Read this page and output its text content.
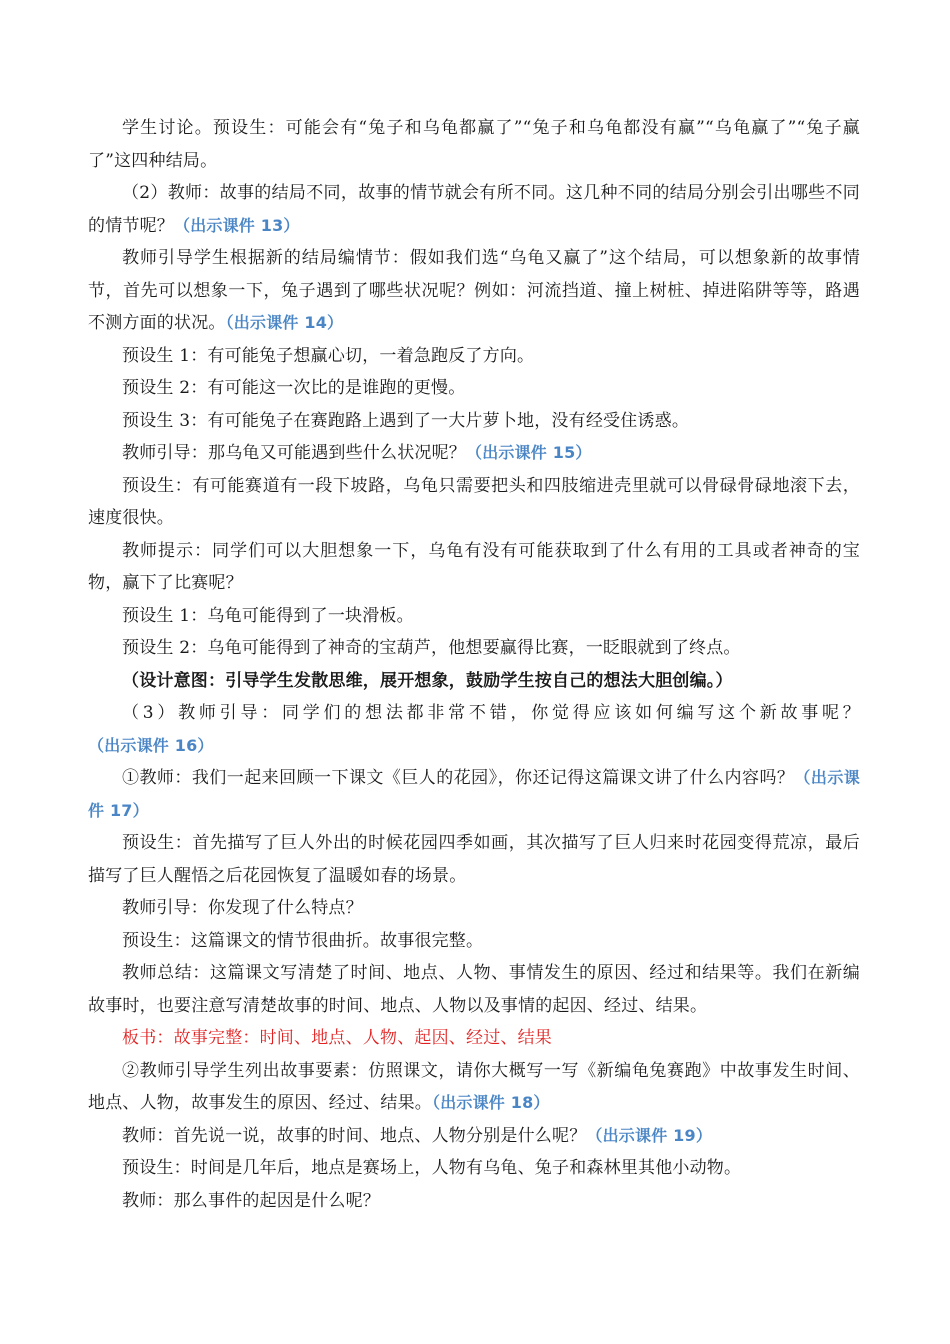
学生讨论。预设生：可能会有“兔子和乌龟都赢了”“兔子和乌龟都没有赢”“乌龟赢了”“兔子赢了”这四种结局。

（2）教师：故事的结局不同，故事的情节就会有所不同。这几种不同的结局分别会引出哪些不同的情节呢？（出示课件 13）

教师引导学生根据新的结局编情节：假如我们选“乌龟又赢了”这个结局，可以想象新的故事情节，首先可以想象一下，兔子遇到了哪些状况呢？例如：河流挡道、撞上树桩、掉进陷阱等等，路遇不测方面的状况。（出示课件 14）

预设生 1：有可能兔子想赢心切，一着急跑反了方向。

预设生 2：有可能这一次比的是谁跑的更慢。

预设生 3：有可能兔子在赛跑路上遇到了一大片萝卜地，没有经受住诱惑。

教师引导：那乌龟又可能遇到些什么状况呢？（出示课件 15）

预设生：有可能赛道有一段下坡路，乌龟只需要把头和四肢缩进壳里就可以骨碌骨碌地滚下去，速度很快。

教师提示：同学们可以大胆想象一下，乌龟有没有可能获取到了什么有用的工具或者神奇的宝物，赢下了比赛呢？

预设生 1：乌龟可能得到了一块滑板。

预设生 2：乌龟可能得到了神奇的宝葫芦，他想要赢得比赛，一眨眼就到了终点。

（设计意图：引导学生发散思维，展开想象，鼓励学生按自己的想法大胆创编。）

（3）教师引导：同学们的想法都非常不错，你觉得应该如何编写这个新故事呢？（出示课件 16）

①教师：我们一起来回顾一下课文《巨人的花园》，你还记得这篇课文讲了什么内容吗？（出示课件 17）

预设生：首先描写了巨人外出的时候花园四季如画，其次描写了巨人归来时花园变得荒凉，最后描写了巨人醒悟之后花园恢复了温暖如春的场景。

教师引导：你发现了什么特点？

预设生：这篇课文的情节很曲折。故事很完整。

教师总结：这篇课文写清楚了时间、地点、人物、事情发生的原因、经过和结果等。我们在新编故事时，也要注意写清楚故事的时间、地点、人物以及事情的起因、经过、结果。

板书：故事完整：时间、地点、人物、起因、经过、结果

②教师引导学生列出故事要素：仿照课文，请你大概写一写《新编龟兔赛跑》中故事发生时间、地点、人物，故事发生的原因、经过、结果。（出示课件 18）

教师：首先说一说，故事的时间、地点、人物分别是什么呢？（出示课件 19）

预设生：时间是几年后，地点是赛场上，人物有乌龟、兔子和森林里其他小动物。

教师：那么事件的起因是什么呢？
